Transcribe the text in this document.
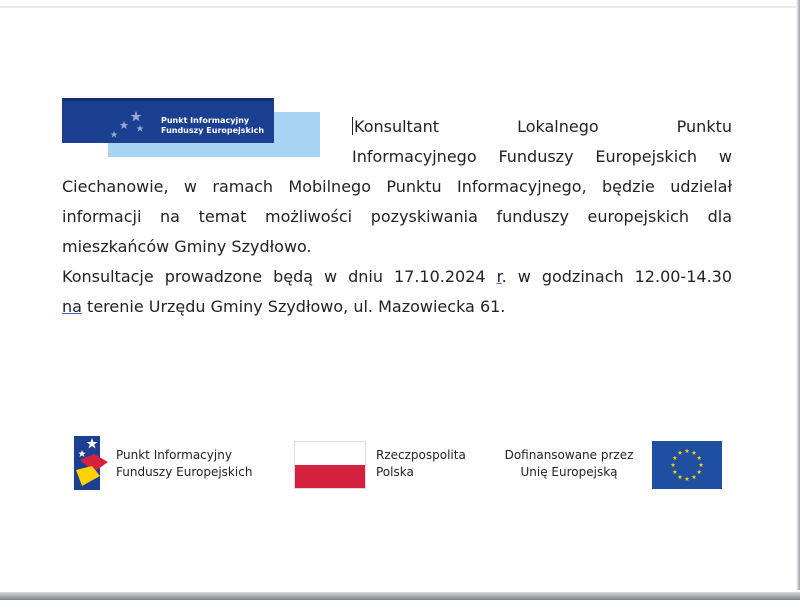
Punkt Informacyjny
Funduszy Europejskich	Konsultant	Lokalnego	Punktu
Informacyjnego Funduszy Europejskich w
Ciechanowie, w ramach Mobilnego Punktu Informacyjnego, będzie udzielał
informacji na temat możliwości pozyskiwania funduszy europejskich dla
mieszkańców Gminy Szydłowo.
Konsultacje prowadzone będą w dniu 17.10.2024 r. w godzinach 12.00-14.30
na terenie Urzędu Gminy Szydłowo, ul. Mazowiecka 61.
Punkt Informacyjny
Funduszy Europejskich
Rzeczpospolita
Polska
Dofinansowane przez
Unię Europejską
